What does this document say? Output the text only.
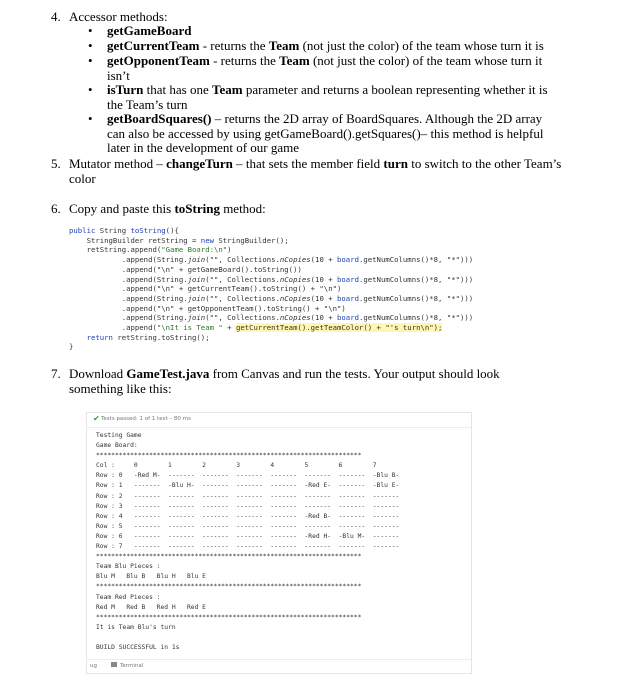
4. Accessor methods:
• getGameBoard
• getCurrentTeam - returns the Team (not just the color) of the team whose turn it is
• getOpponentTeam - returns the Team (not just the color) of the team whose turn it isn’t
• isTurn that has one Team parameter and returns a boolean representing whether it is the Team’s turn
• getBoardSquares() – returns the 2D array of BoardSquares. Although the 2D array can also be accessed by using getGameBoard().getSquares()– this method is helpful later in the development of our game
5. Mutator method – changeTurn – that sets the member field turn to switch to the other Team’s color
6. Copy and paste this toString method:
public String toString(){
StringBuilder retString = new StringBuilder();
retString.append("Game Board:\n")
.append(String.join("", Collections.nCopies(10 + board.getNumColumns()*8, "*")))
.append("\n" + getGameBoard().toString())
.append(String.join("", Collections.nCopies(10 + board.getNumColumns()*8, "*")))
.append("\n" + getCurrentTeam().toString() + "\n")
.append(String.join("", Collections.nCopies(10 + board.getNumColumns()*8, "*")))
.append("\n" + getOpponentTeam().toString() + "\n")
.append(String.join("", Collections.nCopies(10 + board.getNumColumns()*8, "*")))
.append("\nIt is Team " + getCurrentTeam().getTeamColor() + "'s turn\n");
return retString.toString();
}
7. Download GameTest.java from Canvas and run the tests. Your output should look something like this:
✔ Tests passed: 1 of 1 test – 80 ms
Testing Game
Game Board:
**********************************************************************
Col :     0        1        2        3        4        5        6        7
Row : 0   -Red M-  -------  -------  -------  -------  -------  -------  -Blu B-
Row : 1   -------  -Blu H-  -------  -------  -------  -Red E-  -------  -Blu E-
Row : 2   -------  -------  -------  -------  -------  -------  -------  -------
Row : 3   -------  -------  -------  -------  -------  -------  -------  -------
Row : 4   -------  -------  -------  -------  -------  -Red B-  -------  -------
Row : 5   -------  -------  -------  -------  -------  -------  -------  -------
Row : 6   -------  -------  -------  -------  -------  -Red H-  -Blu M-  -------
Row : 7   -------  -------  -------  -------  -------  -------  -------  -------
**********************************************************************
Team Blu Pieces :
Blu M   Blu B   Blu H   Blu E
**********************************************************************
Team Red Pieces :
Red M   Red B   Red H   Red E
**********************************************************************
It is Team Blu's turn
BUILD SUCCESSFUL in 1s
ug	Terminal
